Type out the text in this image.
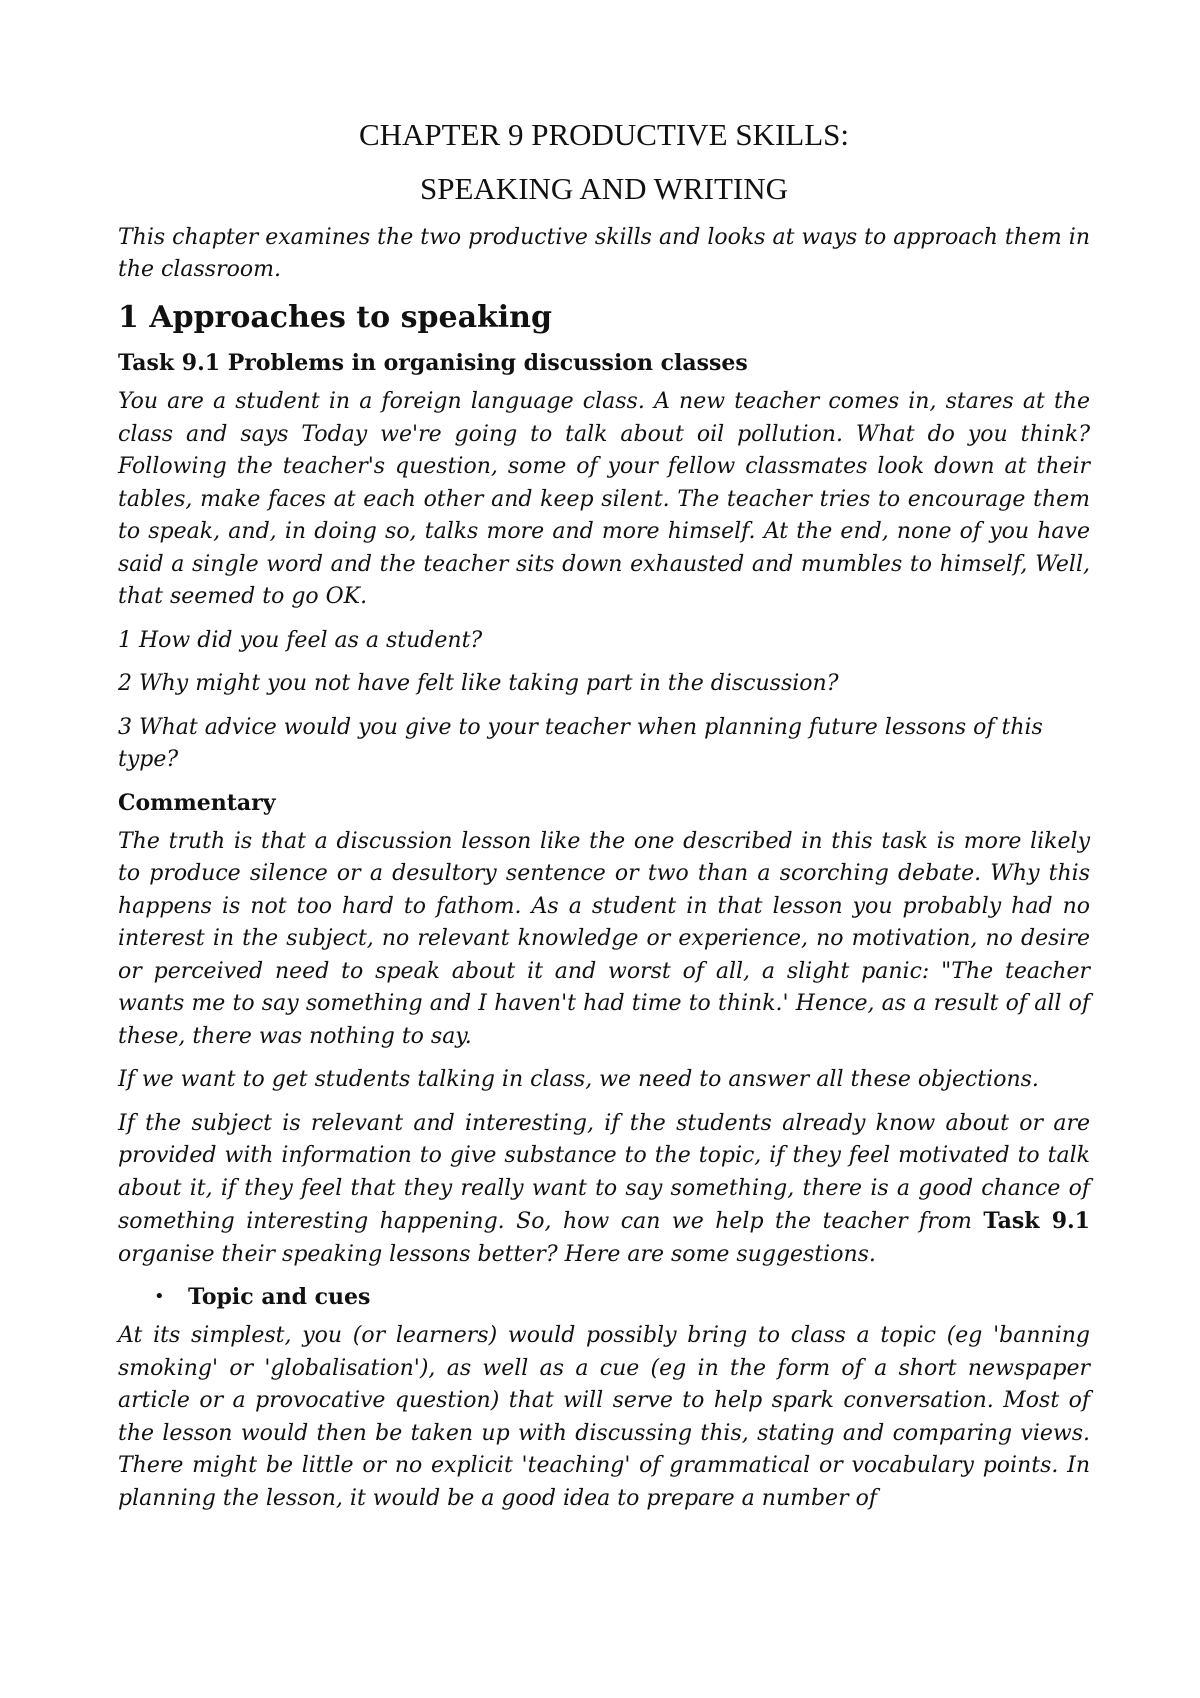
CHAPTER 9 PRODUCTIVE SKILLS:
SPEAKING AND WRITING

This chapter examines the two productive skills and looks at ways to approach them in the classroom.

1 Approaches to speaking
Task 9.1 Problems in organising discussion classes

You are a student in a foreign language class. A new teacher comes in, stares at the class and says Today we're going to talk about oil pollution. What do you think? Following the teacher's question, some of your fellow classmates look down at their tables, make faces at each other and keep silent. The teacher tries to encourage them to speak, and, in doing so, talks more and more himself. At the end, none of you have said a single word and the teacher sits down exhausted and mumbles to himself, Well, that seemed to go OK.

1 How did you feel as a student?

2 Why might you not have felt like taking part in the discussion?

3 What advice would you give to your teacher when planning future lessons of this type?

Commentary

The truth is that a discussion lesson like the one described in this task is more likely to produce silence or a desultory sentence or two than a scorching debate. Why this happens is not too hard to fathom. As a student in that lesson you probably had no interest in the subject, no relevant knowledge or experience, no motivation, no desire or perceived need to speak about it and worst of all, a slight panic: "The teacher wants me to say something and I haven't had time to think.' Hence, as a result of all of these, there was nothing to say.

If we want to get students talking in class, we need to answer all these objections.

If the subject is relevant and interesting, if the students already know about or are provided with information to give substance to the topic, if they feel motivated to talk about it, if they feel that they really want to say something, there is a good chance of something interesting happening. So, how can we help the teacher from Task 9.1 organise their speaking lessons better? Here are some suggestions.

•	Topic and cues

At its simplest, you (or learners) would possibly bring to class a topic (eg 'banning smoking' or 'globalisation'), as well as a cue (eg in the form of a short newspaper article or a provocative question) that will serve to help spark conversation. Most of the lesson would then be taken up with discussing this, stating and comparing views. There might be little or no explicit 'teaching' of grammatical or vocabulary points. In planning the lesson, it would be a good idea to prepare a number of
